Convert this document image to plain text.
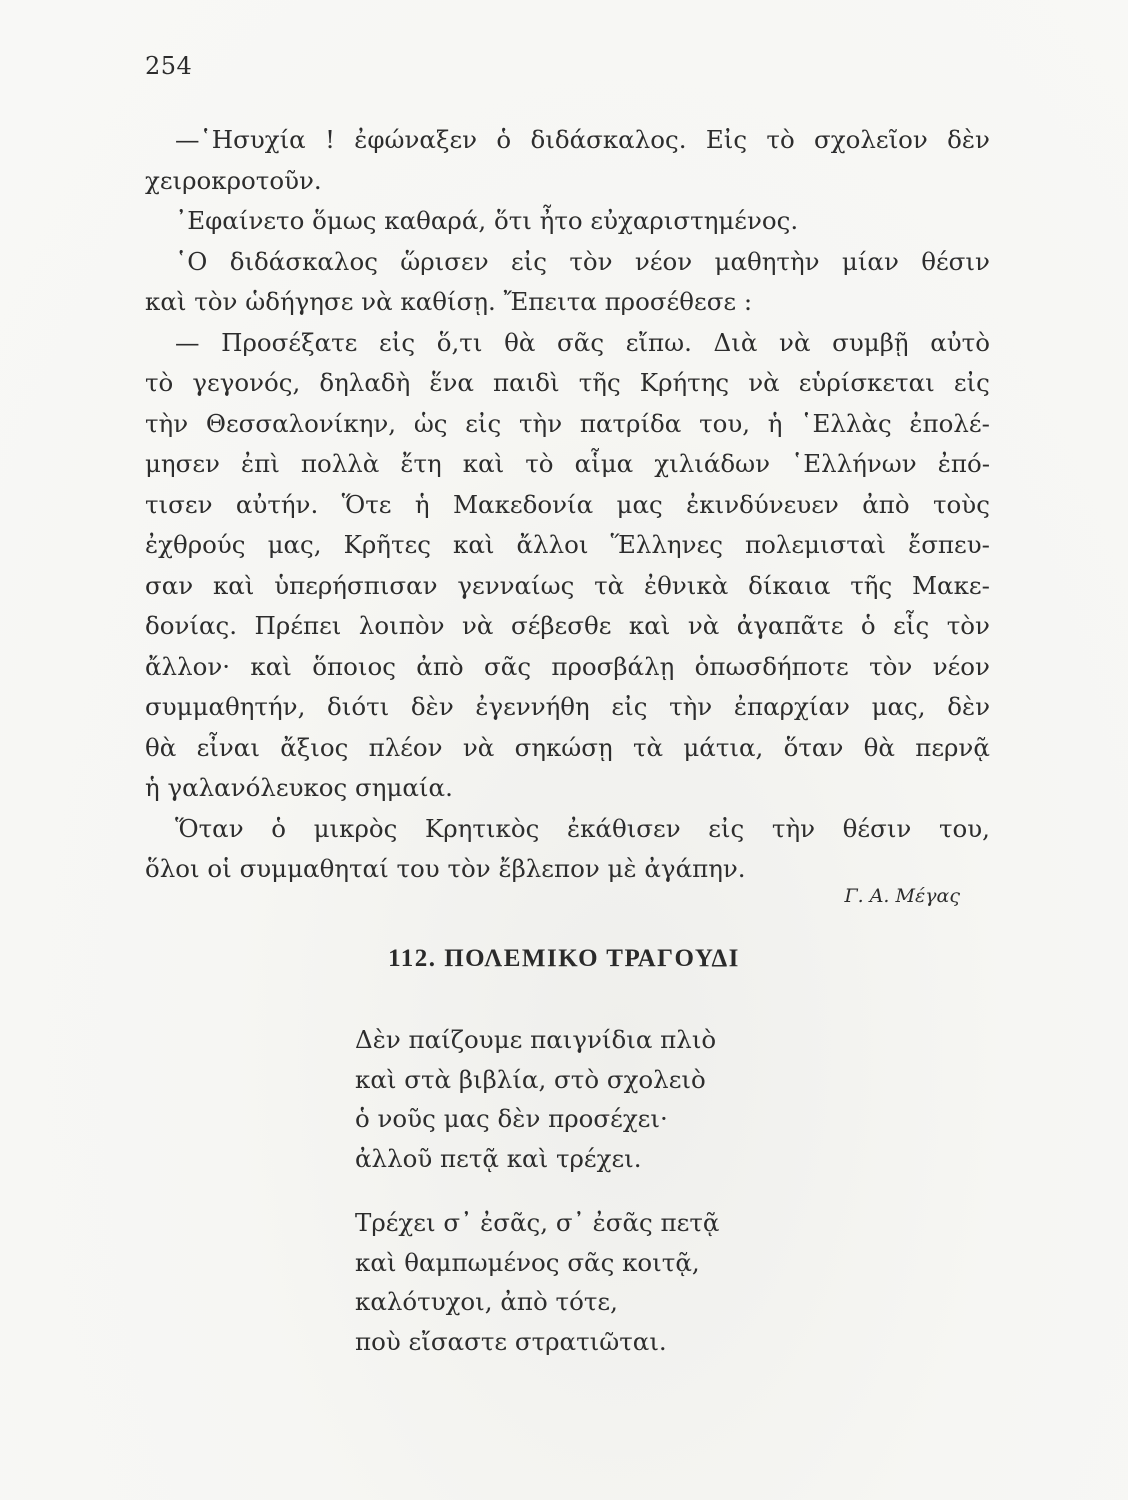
254
—῾Ησυχία ! ἐφώναξεν ὁ διδάσκαλος. Εἰς τὸ σχολεῖον δὲν
χειροκροτοῦν.
᾿Εφαίνετο ὅμως καθαρά, ὅτι ἦτο εὐχαριστημένος.
῾Ο διδάσκαλος ὥρισεν εἰς τὸν νέον μαθητὴν μίαν θέσιν
καὶ τὸν ὡδήγησε νὰ καθίσῃ. Ἔπειτα προσέθεσε :
— Προσέξατε εἰς ὅ,τι θὰ σᾶς εἴπω. Διὰ νὰ συμβῇ αὐτὸ
τὸ γεγονός, δηλαδὴ ἕνα παιδὶ τῆς Κρήτης νὰ εὑρίσκεται εἰς
τὴν Θεσσαλονίκην, ὡς εἰς τὴν πατρίδα του, ἡ ῾Ελλὰς ἐπολέ-
μησεν ἐπὶ πολλὰ ἔτη καὶ τὸ αἷμα χιλιάδων ῾Ελλήνων ἐπό-
τισεν αὐτήν. Ὅτε ἡ Μακεδονία μας ἐκινδύνευεν ἀπὸ τοὺς
ἐχθρούς μας, Κρῆτες καὶ ἄλλοι Ἕλληνες πολεμισταὶ ἔσπευ-
σαν καὶ ὑπερήσπισαν γενναίως τὰ ἐθνικὰ δίκαια τῆς Μακε-
δονίας. Πρέπει λοιπὸν νὰ σέβεσθε καὶ νὰ ἀγαπᾶτε ὁ εἷς τὸν
ἄλλον· καὶ ὅποιος ἀπὸ σᾶς προσβάλῃ ὁπωσδήποτε τὸν νέον
συμμαθητήν, διότι δὲν ἐγεννήθη εἰς τὴν ἐπαρχίαν μας, δὲν
θὰ εἶναι ἄξιος πλέον νὰ σηκώσῃ τὰ μάτια, ὅταν θὰ περνᾷ
ἡ γαλανόλευκος σημαία.
Ὅταν ὁ μικρὸς Κρητικὸς ἐκάθισεν εἰς τὴν θέσιν του,
ὅλοι οἱ συμμαθηταί του τὸν ἔβλεπον μὲ ἀγάπην.
Γ. Α. Μέγας
112. ΠΟΛΕΜΙΚΟ ΤΡΑΓΟΥΔΙ
Δὲν παίζουμε παιγνίδια πλιὸ
καὶ στὰ βιβλία, στὸ σχολειὸ
ὁ νοῦς μας δὲν προσέχει·
ἀλλοῦ πετᾷ καὶ τρέχει.
Τρέχει σ᾿ ἐσᾶς, σ᾿ ἐσᾶς πετᾷ
καὶ θαμπωμένος σᾶς κοιτᾷ,
καλότυχοι, ἀπὸ τότε,
ποὺ εἴσαστε στρατιῶται.
